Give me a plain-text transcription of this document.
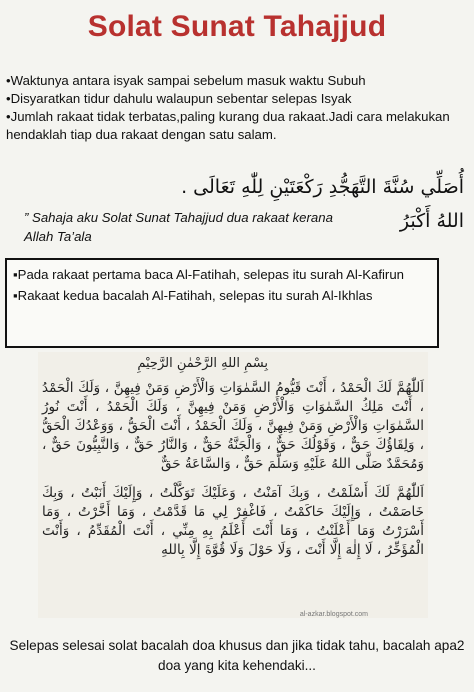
Solat Sunat Tahajjud
•Waktunya antara isyak sampai sebelum masuk waktu Subuh
•Disyaratkan tidur dahulu walaupun sebentar selepas Isyak
•Jumlah rakaat tidak terbatas,paling kurang dua rakaat.Jadi cara melakukan hendaklah tiap dua rakaat dengan satu salam.
أُصَلِّي سُنَّةَ التَّهَجُّدِ رَكْعَتَيْنِ لِلّٰهِ تَعَالَى . اللهُ أَكْبَرُ
” Sahaja aku Solat Sunat Tahajjud dua rakaat kerana Allah Ta’ala
▪Pada rakaat pertama baca Al-Fatihah, selepas itu surah Al-Kafirun
▪Rakaat kedua bacalah Al-Fatihah, selepas itu surah Al-Ikhlas
بِسْمِ اللهِ الرَّحْمٰنِ الرَّحِيْمِ
اَللّٰهُمَّ لَكَ الْحَمْدُ ، أَنْتَ قَيُّومُ السَّمٰوَاتِ وَالْأَرْضِ وَمَنْ فِيهِنَّ ، وَلَكَ الْحَمْدُ ، أَنْتَ مَلِكُ السَّمٰوَاتِ وَالْأَرْضِ وَمَنْ فِيهِنَّ ، وَلَكَ الْحَمْدُ ، أَنْتَ نُورُ السَّمٰوَاتِ وَالْأَرْضِ وَمَنْ فِيهِنَّ ، وَلَكَ الْحَمْدُ ، أَنْتَ الْحَقُّ ، وَوَعْدُكَ الْحَقُّ ، وَلِقَاؤُكَ حَقٌّ ، وَقَوْلُكَ حَقٌّ ، وَالْجَنَّةُ حَقٌّ ، وَالنَّارُ حَقٌّ ، وَالنَّبِيُّونَ حَقٌّ ، وَمُحَمَّدٌ صَلَّى اللهُ عَلَيْهِ وَسَلَّمَ حَقٌّ ، وَالسَّاعَةُ حَقٌّ
اَللّٰهُمَّ لَكَ أَسْلَمْتُ ، وَبِكَ آمَنْتُ ، وَعَلَيْكَ تَوَكَّلْتُ ، وَإِلَيْكَ أَنَبْتُ ، وَبِكَ خَاصَمْتُ ، وَإِلَيْكَ حَاكَمْتُ ، فَاغْفِرْ لِي مَا قَدَّمْتُ ، وَمَا أَخَّرْتُ ، وَمَا أَسْرَرْتُ وَمَا أَعْلَنْتُ ، وَمَا أَنْتَ أَعْلَمُ بِهِ مِنِّي ، أَنْتَ الْمُقَدِّمُ ، وَأَنْتَ الْمُؤَخِّرُ ، لَا إِلٰهَ إِلَّا أَنْتَ ، وَلَا حَوْلَ وَلَا قُوَّةَ إِلَّا بِاللهِ
al-azkar.blogspot.com
Selepas selesai solat bacalah doa khusus dan jika tidak tahu, bacalah apa2 doa yang kita kehendaki...
